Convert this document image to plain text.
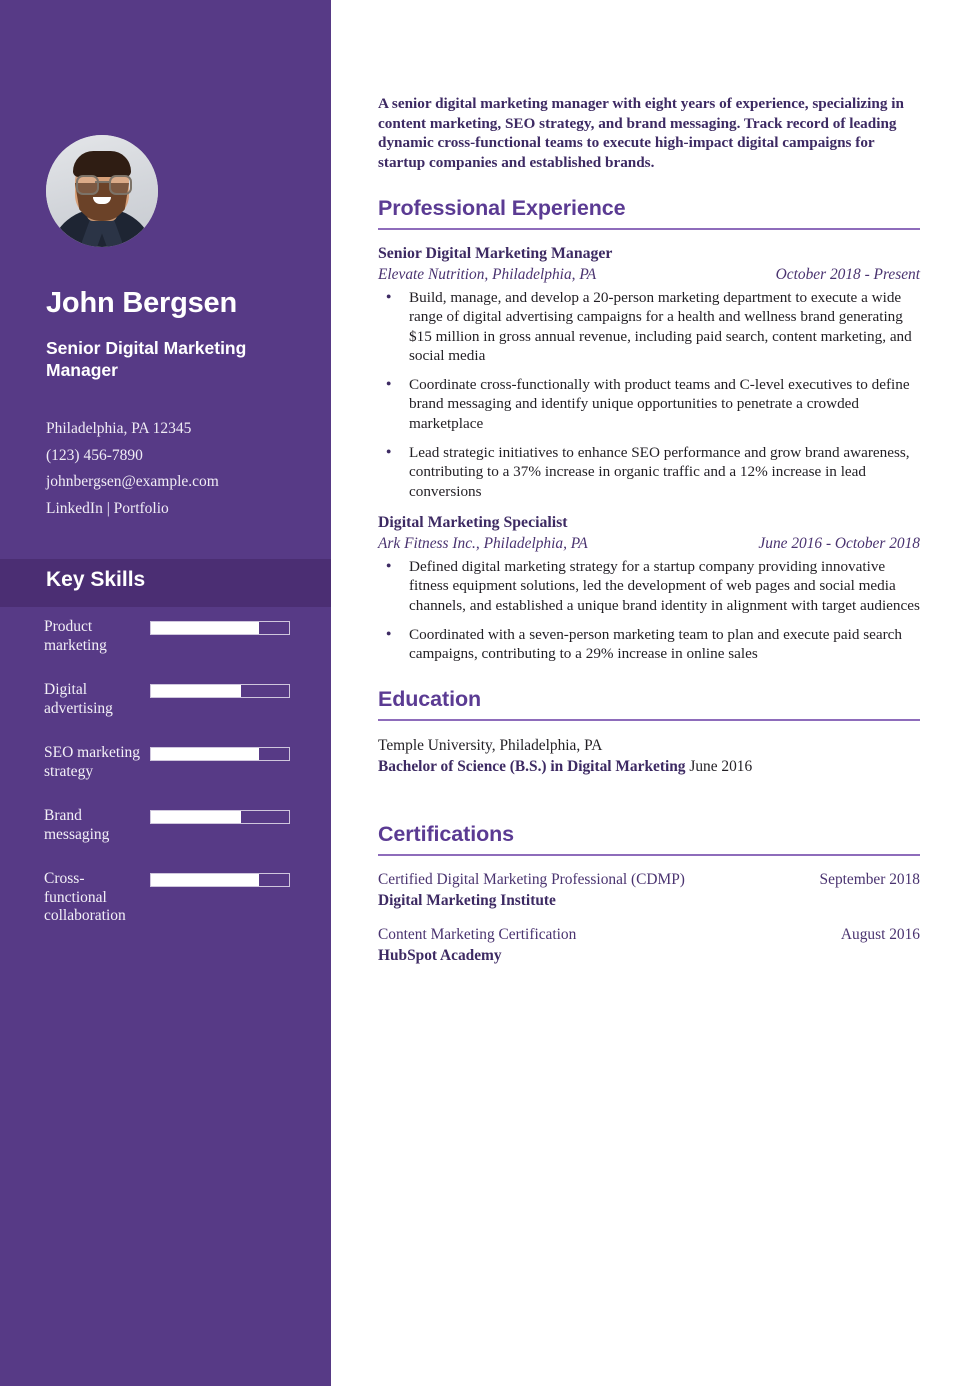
John Bergsen
Senior Digital Marketing Manager
Philadelphia, PA 12345
(123) 456-7890
johnbergsen@example.com
LinkedIn | Portfolio
Key Skills
Product marketing
Digital advertising
SEO marketing strategy
Brand messaging
Cross-functional collaboration
A senior digital marketing manager with eight years of experience, specializing in content marketing, SEO strategy, and brand messaging. Track record of leading dynamic cross-functional teams to execute high-impact digital campaigns for startup companies and established brands.
Professional Experience
Senior Digital Marketing Manager
Elevate Nutrition, Philadelphia, PA	October 2018 - Present
● Build, manage, and develop a 20-person marketing department to execute a wide range of digital advertising campaigns for a health and wellness brand generating $15 million in gross annual revenue, including paid search, content marketing, and social media
● Coordinate cross-functionally with product teams and C-level executives to define brand messaging and identify unique opportunities to penetrate a crowded marketplace
● Lead strategic initiatives to enhance SEO performance and grow brand awareness, contributing to a 37% increase in organic traffic and a 12% increase in lead conversions
Digital Marketing Specialist
Ark Fitness Inc., Philadelphia, PA	June 2016 - October 2018
● Defined digital marketing strategy for a startup company providing innovative fitness equipment solutions, led the development of web pages and social media channels, and established a unique brand identity in alignment with target audiences
● Coordinated with a seven-person marketing team to plan and execute paid search campaigns, contributing to a 29% increase in online sales
Education
Temple University, Philadelphia, PA
Bachelor of Science (B.S.) in Digital Marketing June 2016
Certifications
Certified Digital Marketing Professional (CDMP)	September 2018
Digital Marketing Institute
Content Marketing Certification	August 2016
HubSpot Academy
